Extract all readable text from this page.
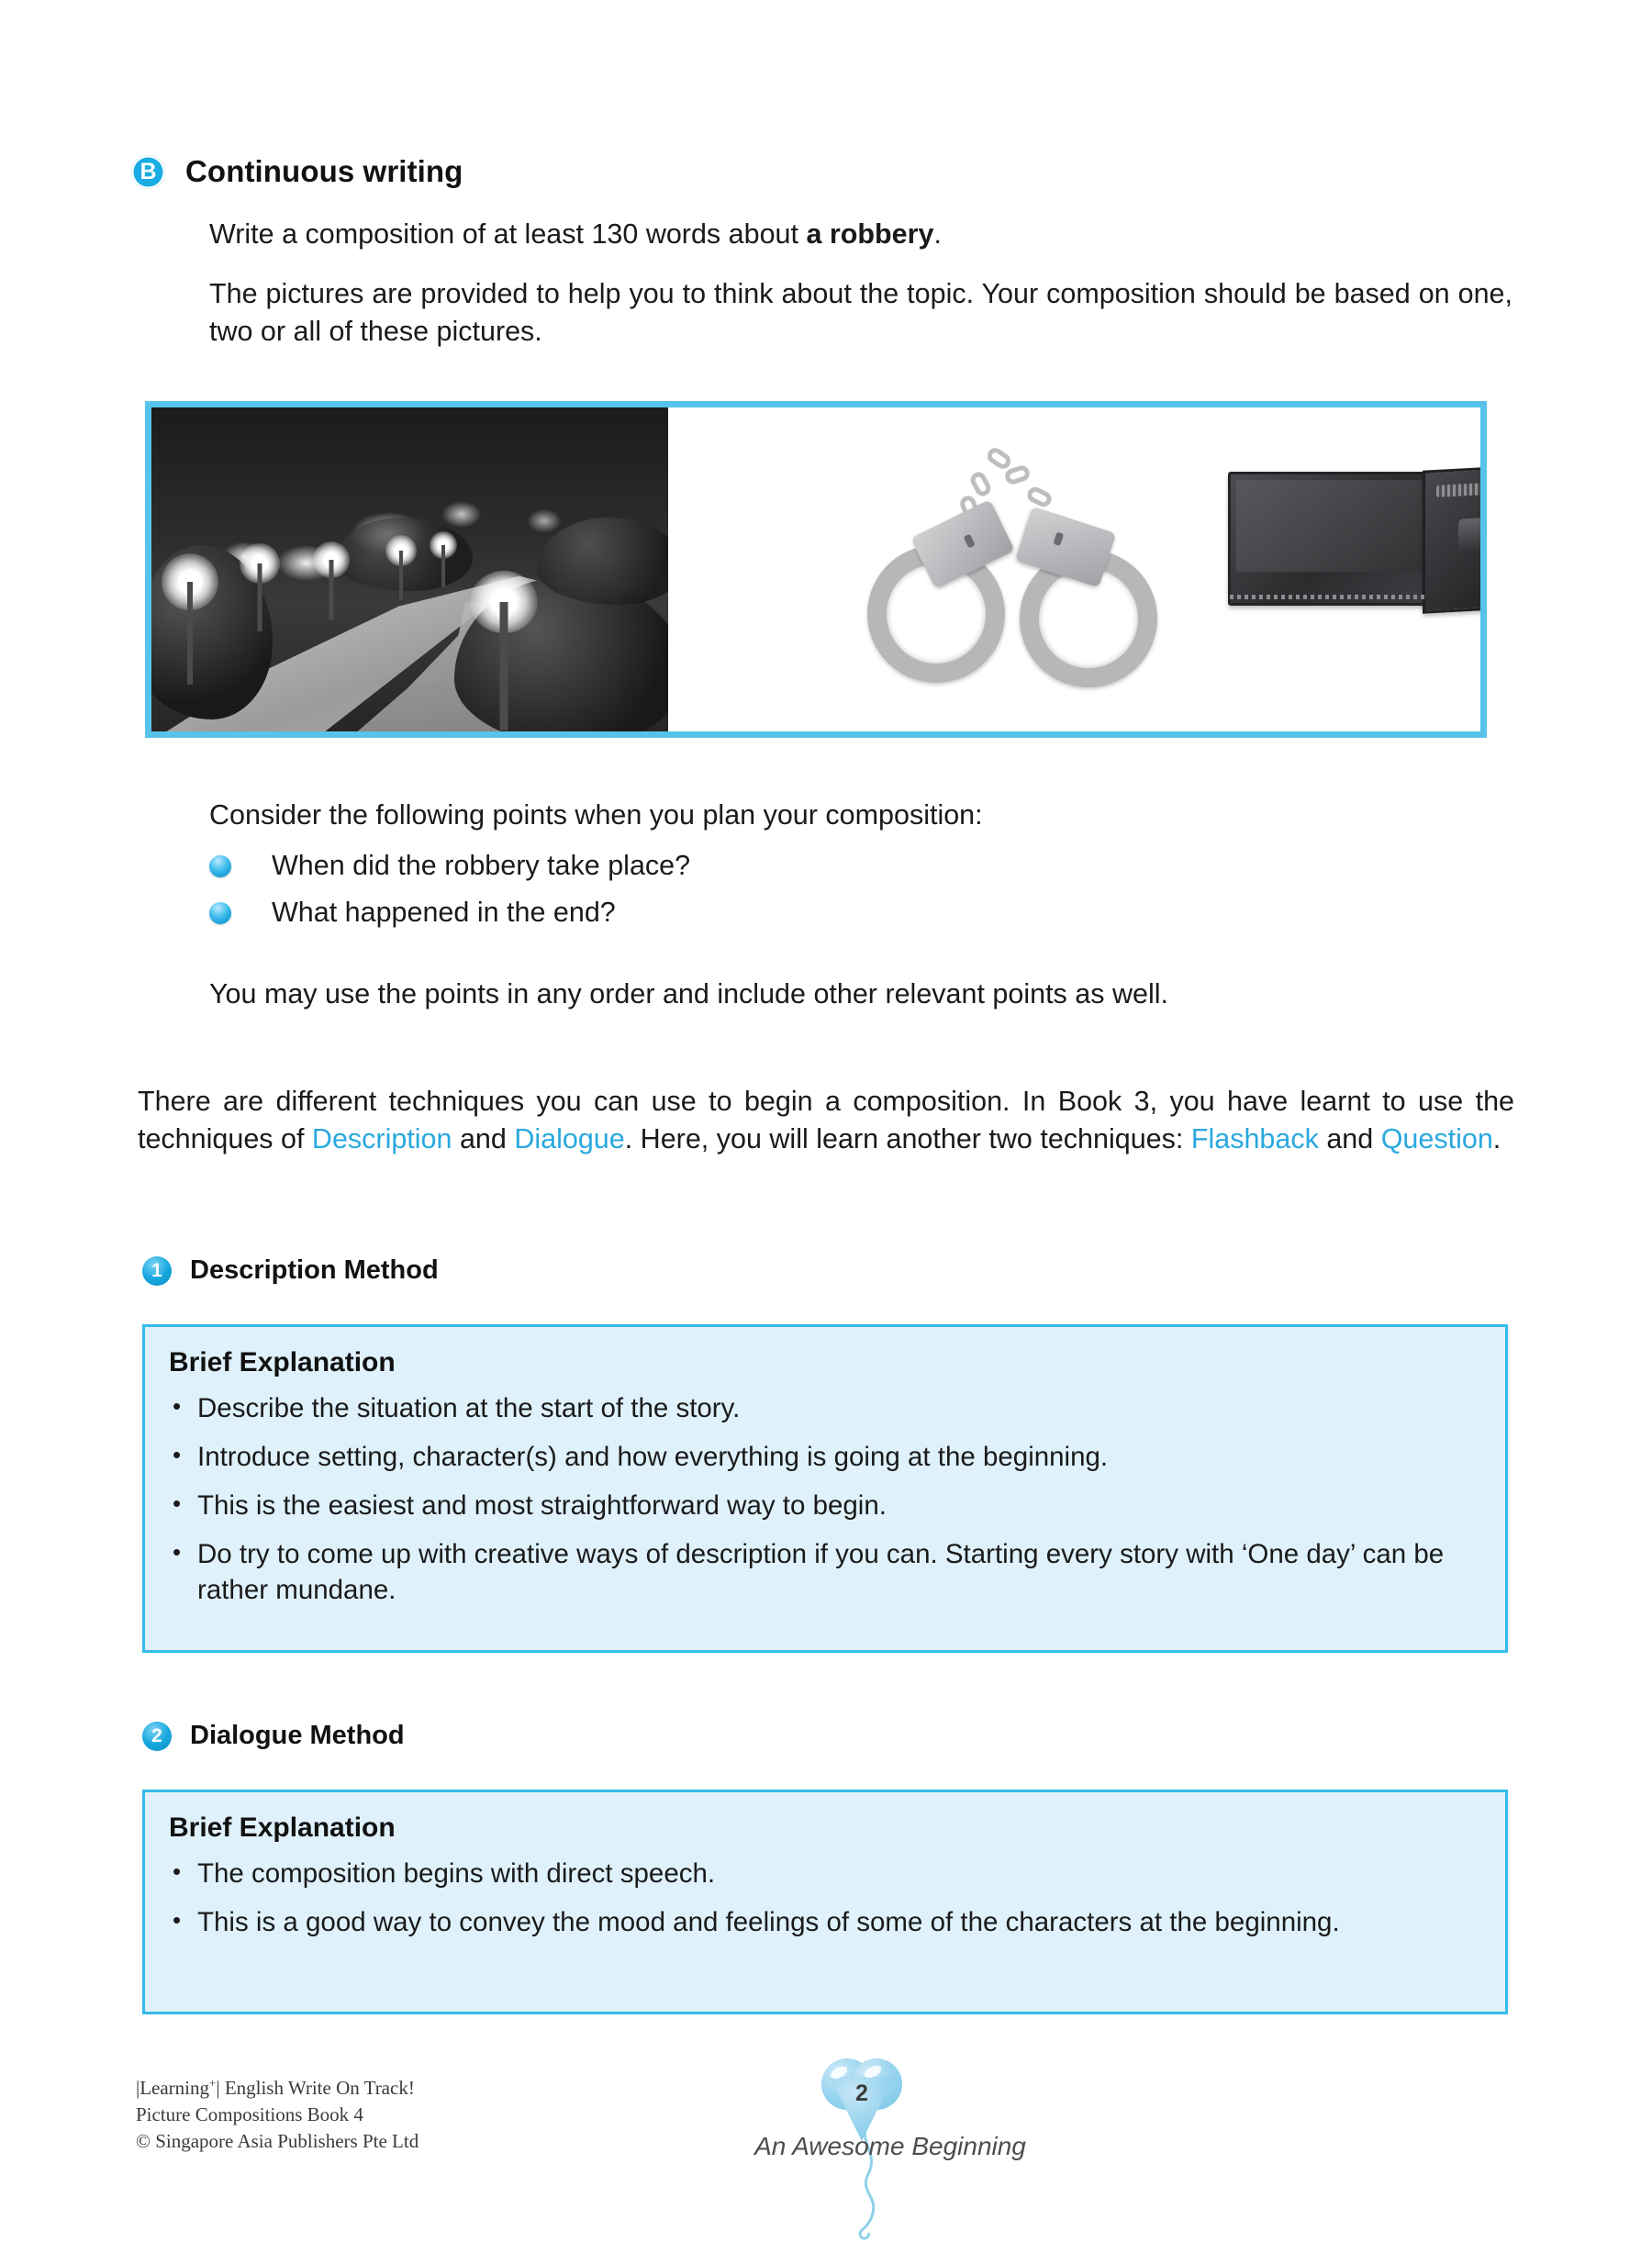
B Continuous writing
Write a composition of at least 130 words about a robbery.
The pictures are provided to help you to think about the topic. Your composition should be based on one, two or all of these pictures.
Consider the following points when you plan your composition:
When did the robbery take place?
What happened in the end?
You may use the points in any order and include other relevant points as well.
There are different techniques you can use to begin a composition. In Book 3, you have learnt to use the techniques of Description and Dialogue. Here, you will learn another two techniques: Flashback and Question.
1	Description Method
Brief Explanation
• Describe the situation at the start of the story.
• Introduce setting, character(s) and how everything is going at the beginning.
• This is the easiest and most straightforward way to begin.
• Do try to come up with creative ways of description if you can. Starting every story with ‘One day’ can be rather mundane.
2	Dialogue Method
Brief Explanation
• The composition begins with direct speech.
• This is a good way to convey the mood and feelings of some of the characters at the beginning.
|Learning+| English Write On Track!
Picture Compositions Book 4
© Singapore Asia Publishers Pte Ltd
2
An Awesome Beginning
